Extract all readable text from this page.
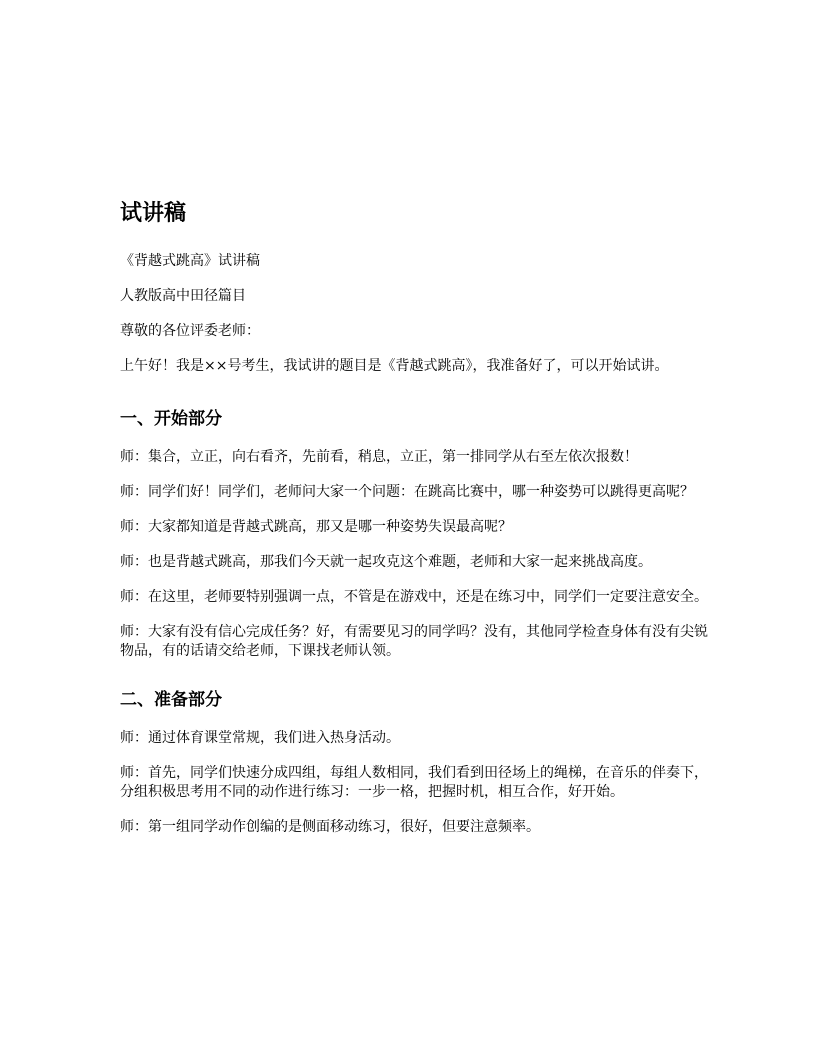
试讲稿

《背越式跳高》试讲稿

人教版高中田径篇目

尊敬的各位评委老师：

上午好！我是××号考生，我试讲的题目是《背越式跳高》，我准备好了，可以开始试讲。

一、开始部分

师：集合，立正，向右看齐，先前看，稍息，立正，第一排同学从右至左依次报数！

师：同学们好！同学们，老师问大家一个问题：在跳高比赛中，哪一种姿势可以跳得更高呢？

师：大家都知道是背越式跳高，那又是哪一种姿势失误最高呢？

师：也是背越式跳高，那我们今天就一起攻克这个难题，老师和大家一起来挑战高度。

师：在这里，老师要特别强调一点，不管是在游戏中，还是在练习中，同学们一定要注意安全。

师：大家有没有信心完成任务？好，有需要见习的同学吗？没有，其他同学检查身体有没有尖锐物品，有的话请交给老师，下课找老师认领。

二、准备部分

师：通过体育课堂常规，我们进入热身活动。

师：首先，同学们快速分成四组，每组人数相同，我们看到田径场上的绳梯，在音乐的伴奏下，分组积极思考用不同的动作进行练习：一步一格，把握时机，相互合作，好开始。

师：第一组同学动作创编的是侧面移动练习，很好，但要注意频率。
